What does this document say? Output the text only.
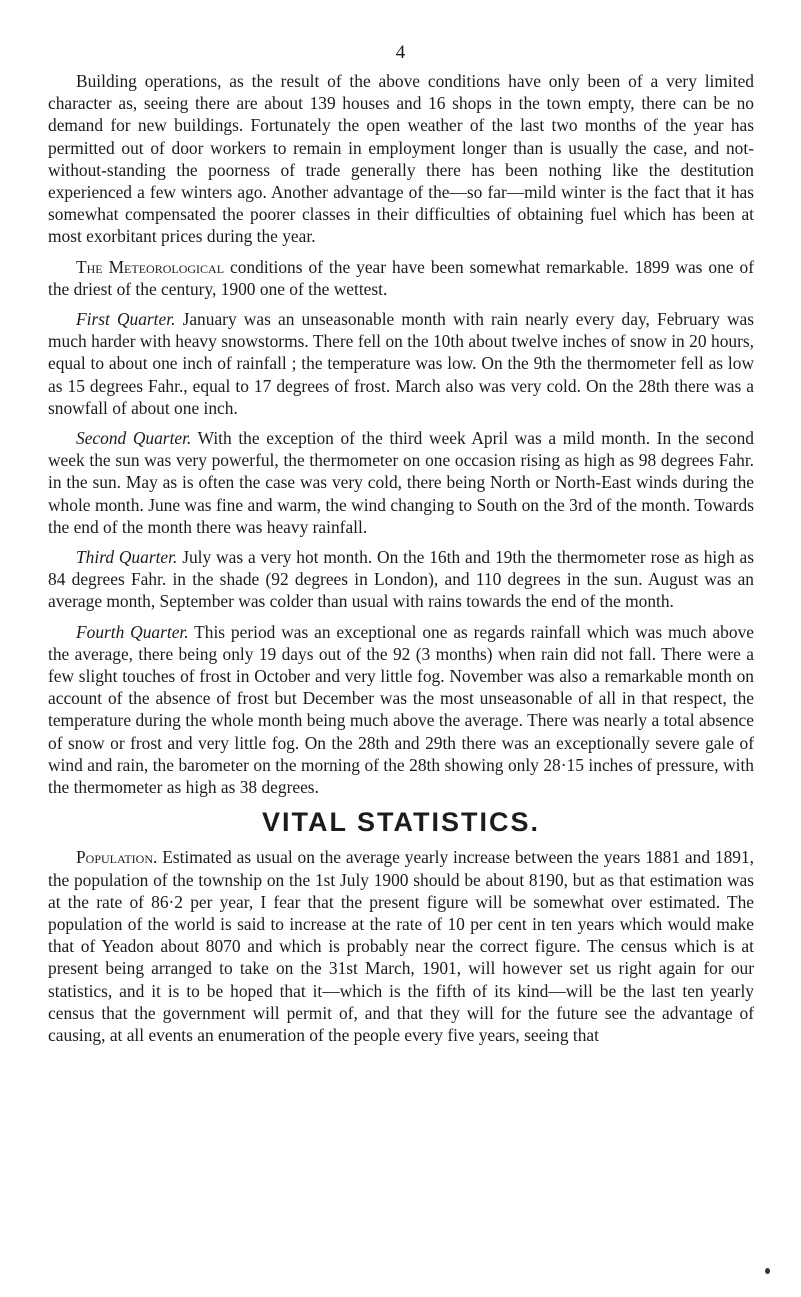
4

Building operations, as the result of the above conditions have only been of a very limited character as, seeing there are about 139 houses and 16 shops in the town empty, there can be no demand for new buildings. Fortunately the open weather of the last two months of the year has permitted out of door workers to remain in employment longer than is usually the case, and not-without-standing the poorness of trade generally there has been nothing like the destitution experienced a few winters ago. Another advantage of the—so far—mild winter is the fact that it has somewhat compensated the poorer classes in their difficulties of obtaining fuel which has been at most exorbitant prices during the year.

The Meteorological conditions of the year have been somewhat remarkable. 1899 was one of the driest of the century, 1900 one of the wettest.

First Quarter. January was an unseasonable month with rain nearly every day, February was much harder with heavy snowstorms. There fell on the 10th about twelve inches of snow in 20 hours, equal to about one inch of rainfall ; the temperature was low. On the 9th the thermometer fell as low as 15 degrees Fahr., equal to 17 degrees of frost. March also was very cold. On the 28th there was a snowfall of about one inch.

Second Quarter. With the exception of the third week April was a mild month. In the second week the sun was very powerful, the thermometer on one occasion rising as high as 98 degrees Fahr. in the sun. May as is often the case was very cold, there being North or North-East winds during the whole month. June was fine and warm, the wind changing to South on the 3rd of the month. Towards the end of the month there was heavy rainfall.

Third Quarter. July was a very hot month. On the 16th and 19th the thermometer rose as high as 84 degrees Fahr. in the shade (92 degrees in London), and 110 degrees in the sun. August was an average month, September was colder than usual with rains towards the end of the month.

Fourth Quarter. This period was an exceptional one as regards rainfall which was much above the average, there being only 19 days out of the 92 (3 months) when rain did not fall. There were a few slight touches of frost in October and very little fog. November was also a remarkable month on account of the absence of frost but December was the most unseasonable of all in that respect, the temperature during the whole month being much above the average. There was nearly a total absence of snow or frost and very little fog. On the 28th and 29th there was an exceptionally severe gale of wind and rain, the barometer on the morning of the 28th showing only 28·15 inches of pressure, with the thermometer as high as 38 degrees.

VITAL STATISTICS.

Population. Estimated as usual on the average yearly increase between the years 1881 and 1891, the population of the township on the 1st July 1900 should be about 8190, but as that estimation was at the rate of 86·2 per year, I fear that the present figure will be somewhat over estimated. The population of the world is said to increase at the rate of 10 per cent in ten years which would make that of Yeadon about 8070 and which is probably near the correct figure. The census which is at present being arranged to take on the 31st March, 1901, will however set us right again for our statistics, and it is to be hoped that it—which is the fifth of its kind—will be the last ten yearly census that the government will permit of, and that they will for the future see the advantage of causing, at all events an enumeration of the people every five years, seeing that
